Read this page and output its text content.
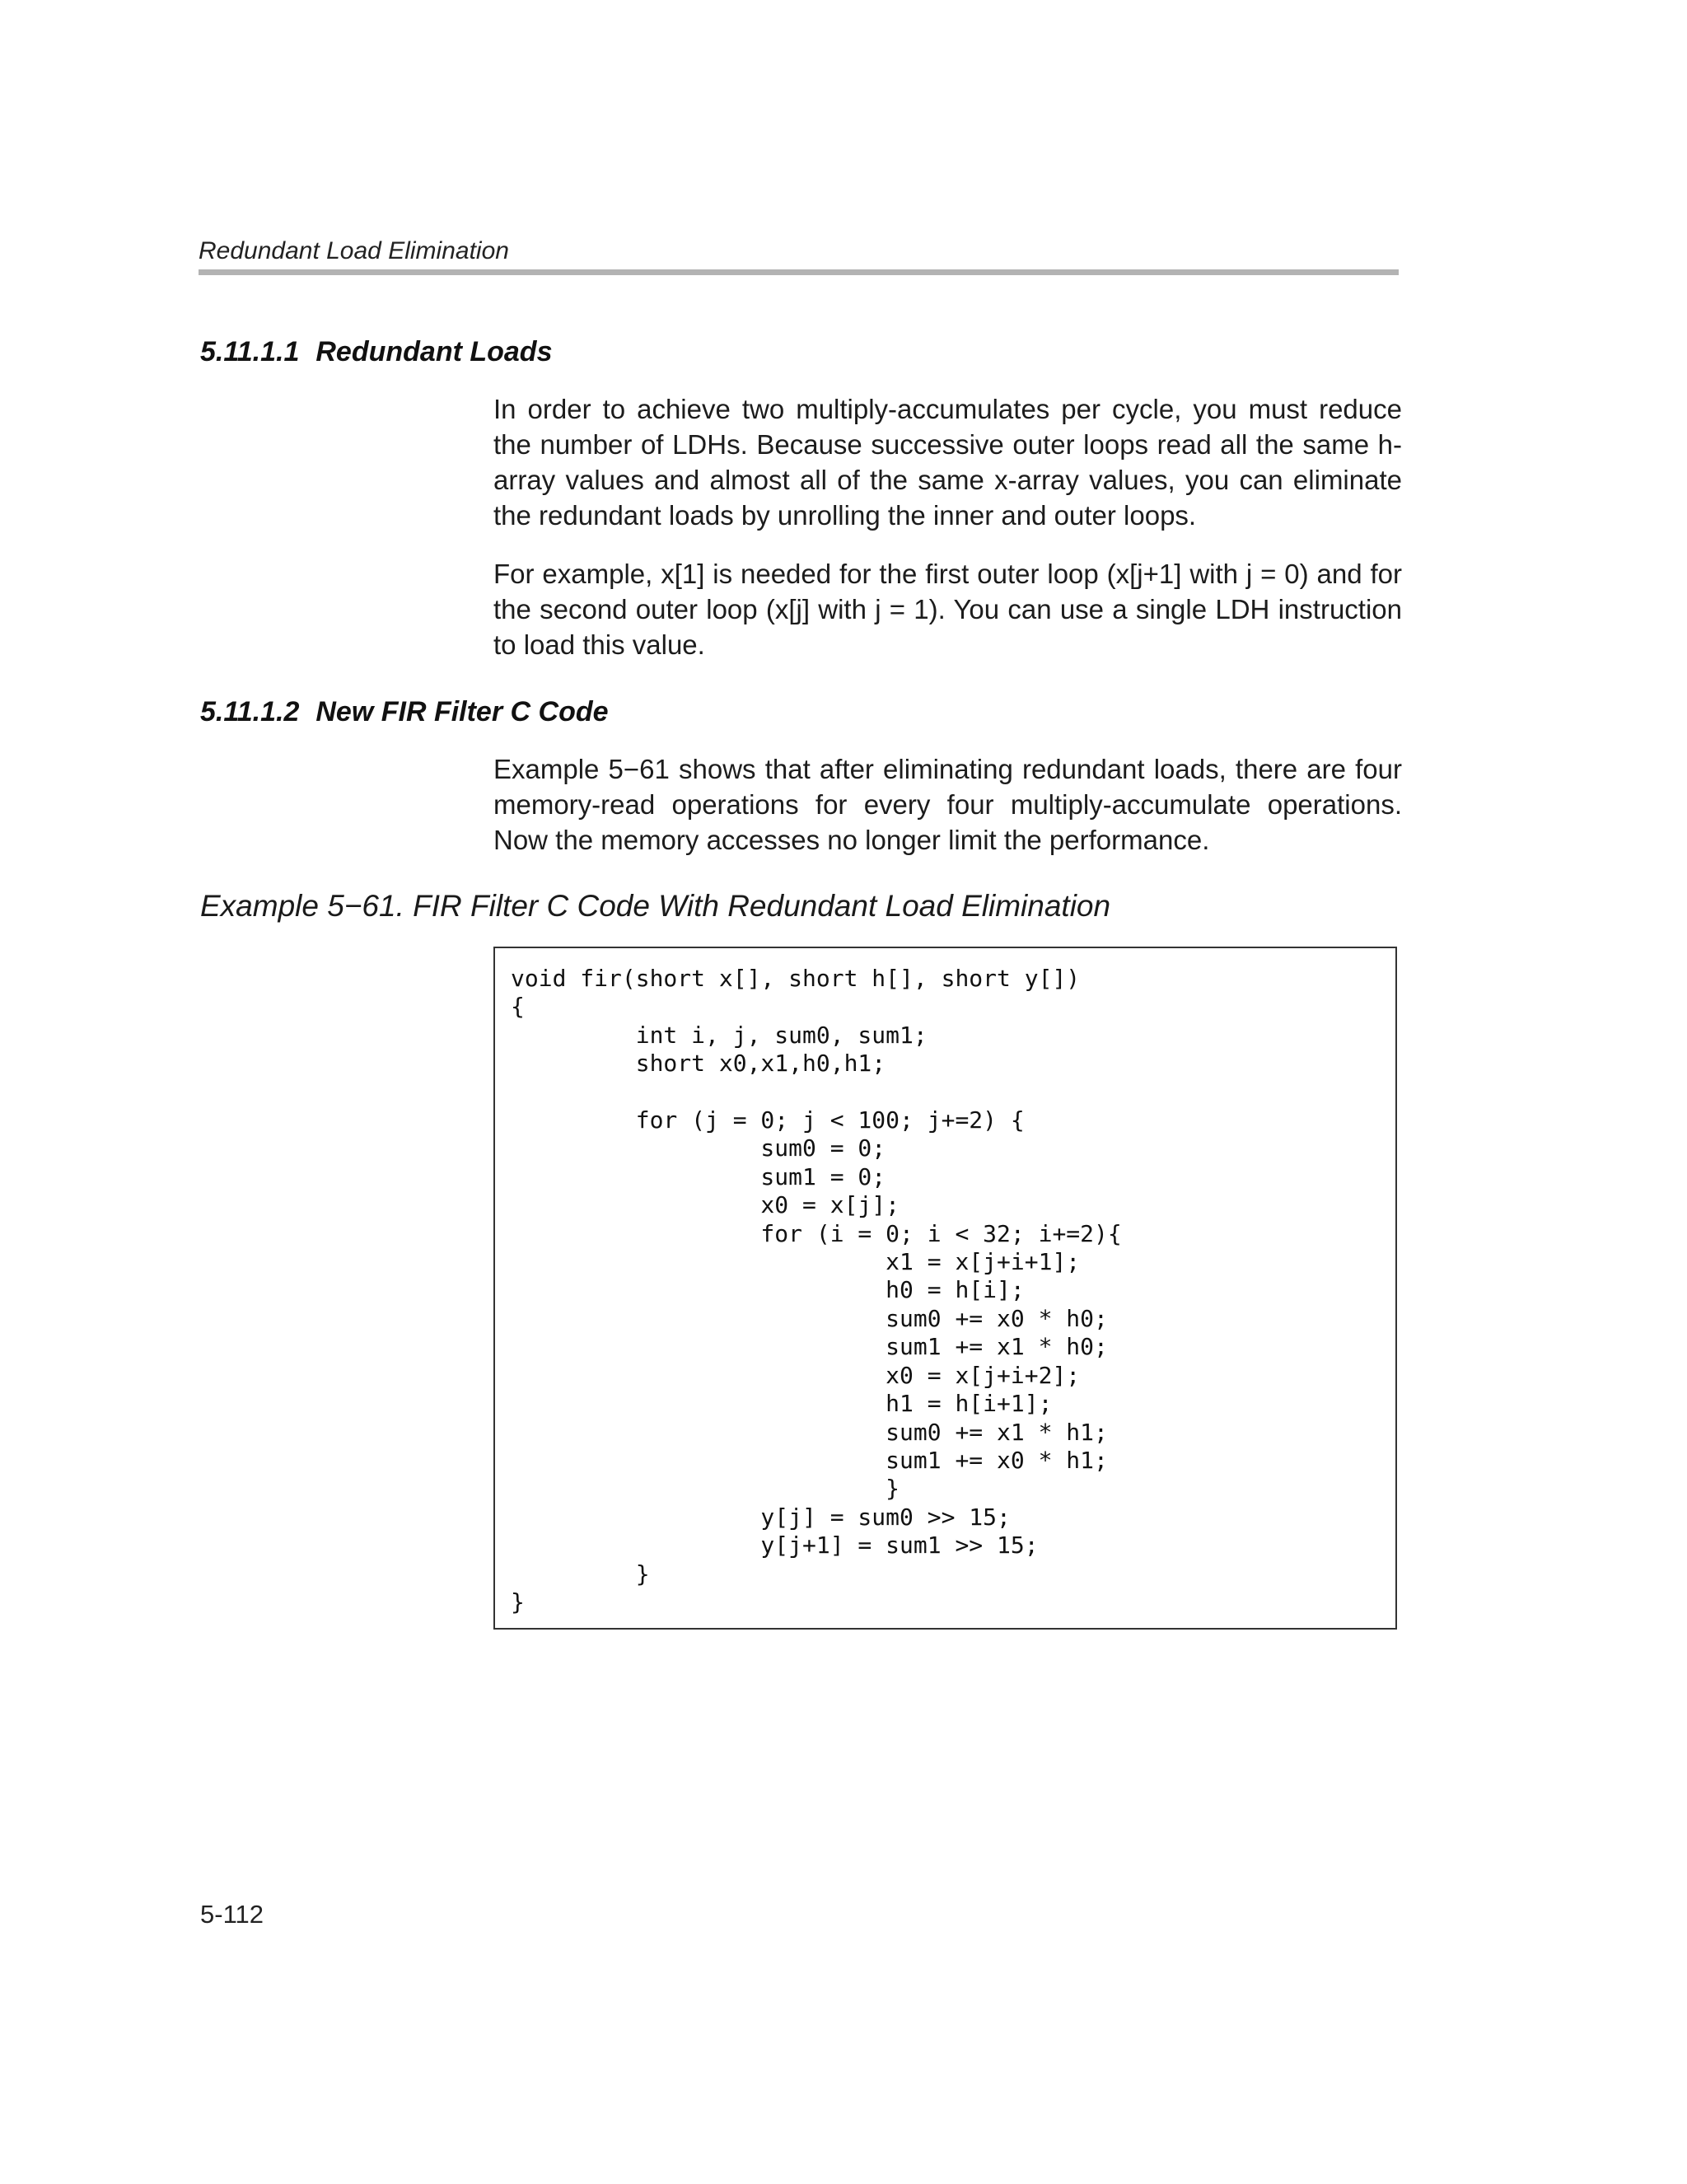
Redundant Load Elimination
5.11.1.1 Redundant Loads

In order to achieve two multiply-accumulates per cycle, you must reduce the number of LDHs. Because successive outer loops read all the same h-array values and almost all of the same x-array values, you can eliminate the redundant loads by unrolling the inner and outer loops.

For example, x[1] is needed for the first outer loop (x[j+1] with j = 0) and for the second outer loop (x[j] with j = 1). You can use a single LDH instruction to load this value.

5.11.1.2 New FIR Filter C Code

Example 5−61 shows that after eliminating redundant loads, there are four memory-read operations for every four multiply-accumulate operations. Now the memory accesses no longer limit the performance.

Example 5−61. FIR Filter C Code With Redundant Load Elimination
void fir(short x[], short h[], short y[])
{
int i, j, sum0, sum1;
short x0,x1,h0,h1;

for (j = 0; j < 100; j+=2) {
sum0 = 0;
sum1 = 0;
x0 = x[j];
for (i = 0; i < 32; i+=2){
x1 = x[j+i+1];
h0 = h[i];
sum0 += x0 * h0;
sum1 += x1 * h0;
x0 = x[j+i+2];
h1 = h[i+1];
sum0 += x1 * h1;
sum1 += x0 * h1;
}
y[j] = sum0 >> 15;
y[j+1] = sum1 >> 15;
}
}
5-112
